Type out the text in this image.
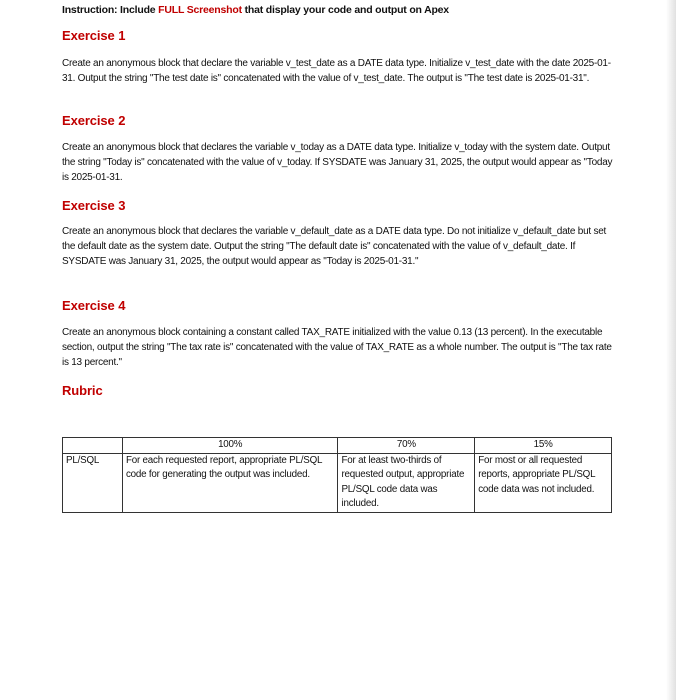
Instruction: Include FULL Screenshot that display your code and output on Apex
Exercise 1
Create an anonymous block that declare the variable v_test_date as a DATE data type. Initialize v_test_date with the date 2025-01-31. Output the string "The test date is" concatenated with the value of v_test_date. The output is "The test date is 2025-01-31".
Exercise 2
Create an anonymous block that declares the variable v_today as a DATE data type. Initialize v_today with the system date. Output the string "Today is" concatenated with the value of v_today. If SYSDATE was January 31, 2025, the output would appear as "Today is 2025-01-31.
Exercise 3
Create an anonymous block that declares the variable v_default_date as a DATE data type. Do not initialize v_default_date but set the default date as the system date. Output the string "The default date is" concatenated with the value of v_default_date. If SYSDATE was January 31, 2025, the output would appear as "Today is 2025-01-31."
Exercise 4
Create an anonymous block containing a constant called TAX_RATE initialized with the value 0.13 (13 percent). In the executable section, output the string "The tax rate is" concatenated with the value of TAX_RATE as a whole number. The output is "The tax rate is 13 percent."
Rubric
	100%	70%	15%
PL/SQL	For each requested report, appropriate PL/SQL code for generating the output was included.	For at least two-thirds of requested output, appropriate PL/SQL code data was included.	For most or all requested reports, appropriate PL/SQL code data was not included.
